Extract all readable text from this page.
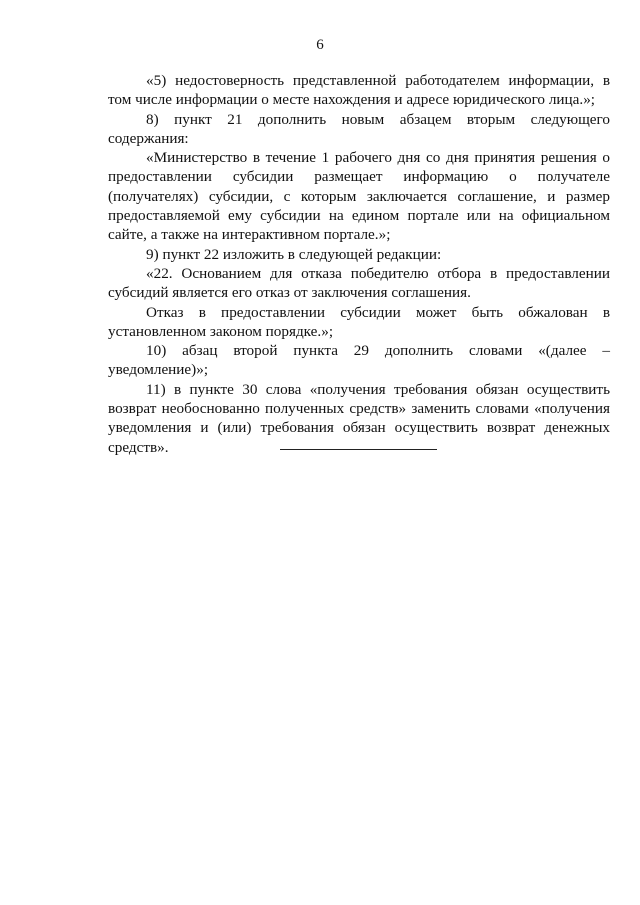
6

«5) недостоверность представленной работодателем информации, в том числе информации о месте нахождения и адресе юридического лица.»;

8) пункт 21 дополнить новым абзацем вторым следующего содержания:

«Министерство в течение 1 рабочего дня со дня принятия решения о предоставлении субсидии размещает информацию о получателе (получателях) субсидии, с которым заключается соглашение, и размер предоставляемой ему субсидии на едином портале или на официальном сайте, а также на интерактивном портале.»;

9) пункт 22 изложить в следующей редакции:

«22. Основанием для отказа победителю отбора в предоставлении субсидий является его отказ от заключения соглашения.

Отказ в предоставлении субсидии может быть обжалован в установленном законом порядке.»;

10) абзац второй пункта 29 дополнить словами «(далее – уведомление)»;

11) в пункте 30 слова «получения требования обязан осуществить возврат необоснованно полученных средств» заменить словами «получения уведомления и (или) требования обязан осуществить возврат денежных средств».
